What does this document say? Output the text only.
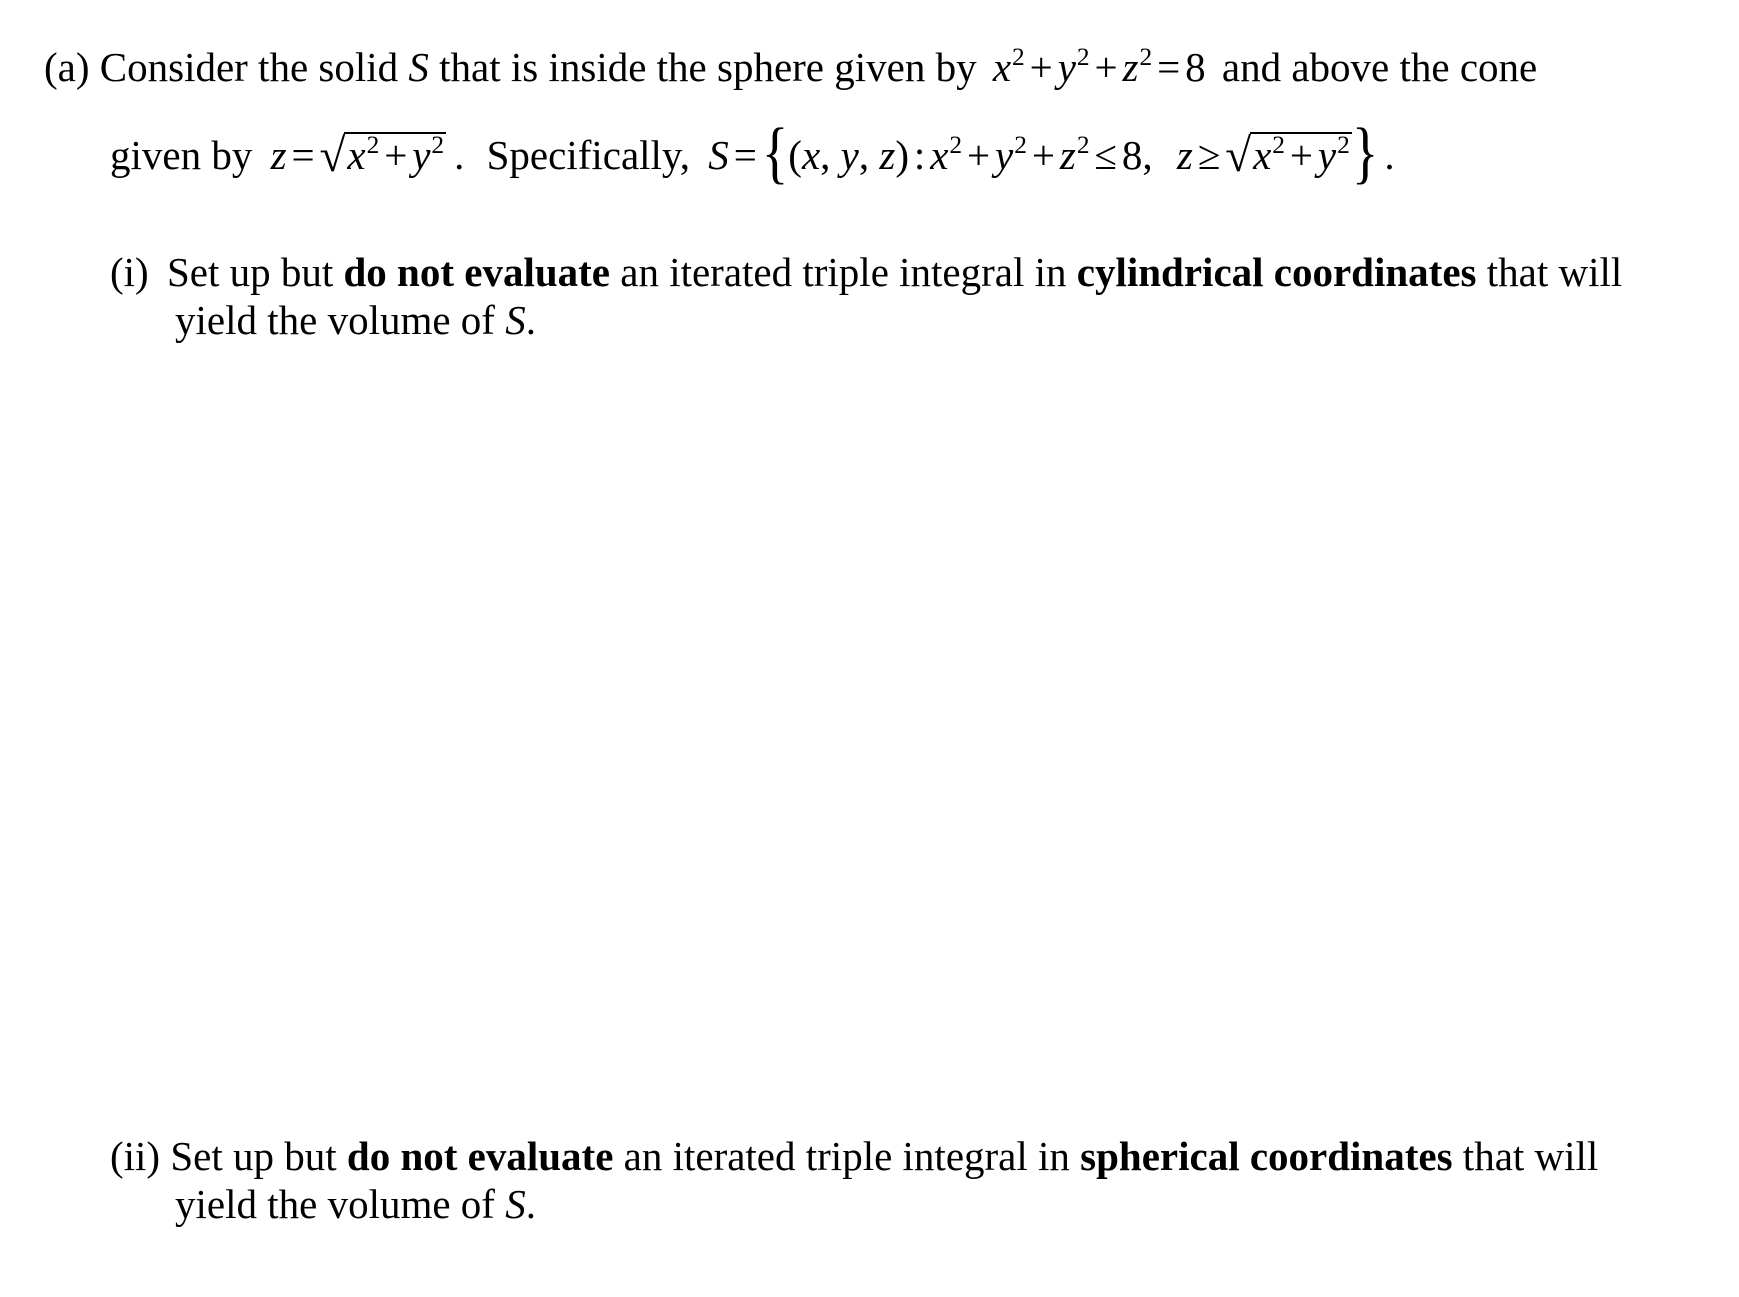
(a) Consider the solid S that is inside the sphere given by $x^2 + y^2 + z^2 = 8$ and above the cone
given by $z = √x^2 + y^2$ . Specifically, S ={(x, y, z) : $x^2 + y^2 + z^2 \le 8$, $z \ge √x^2 + y^2$} .
(i) Set up but do not evaluate an iterated triple integral in cylindrical coordinates that will
yield the volume of S.
(ii) Set up but do not evaluate an iterated triple integral in spherical coordinates that will
yield the volume of S.
